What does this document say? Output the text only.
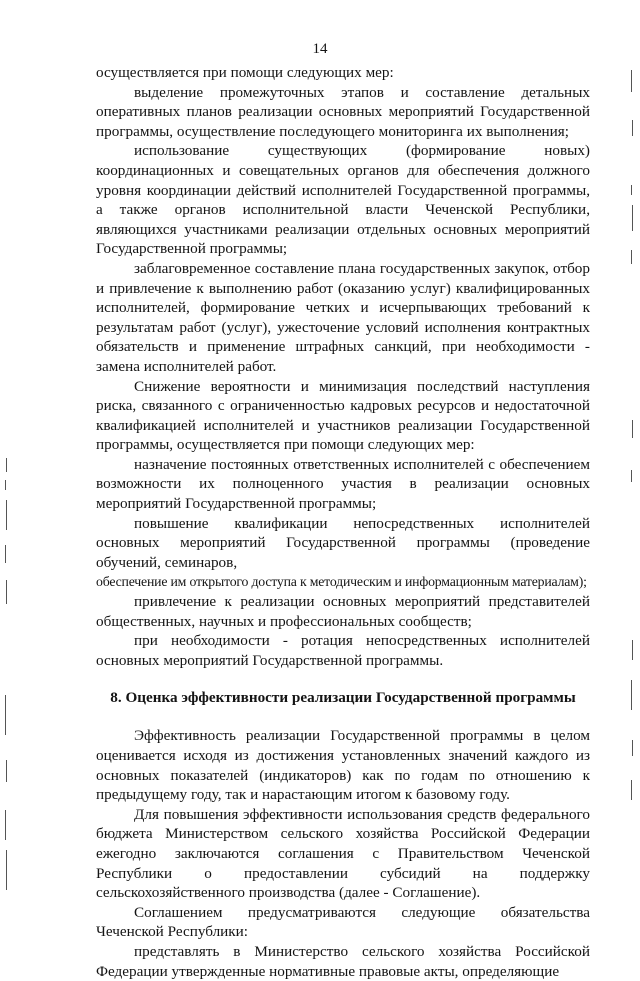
14

осуществляется при помощи следующих мер:

выделение промежуточных этапов и составление детальных оперативных планов реализации основных мероприятий Государственной программы, осуществление последующего мониторинга их выполнения;

использование существующих (формирование новых) координационных и совещательных органов для обеспечения должного уровня координации действий исполнителей Государственной программы, а также органов исполнительной власти Чеченской Республики, являющихся участниками реализации отдельных основных мероприятий Государственной программы;

заблаговременное составление плана государственных закупок, отбор и привлечение к выполнению работ (оказанию услуг) квалифицированных исполнителей, формирование четких и исчерпывающих требований к результатам работ (услуг), ужесточение условий исполнения контрактных обязательств и применение штрафных санкций, при необходимости - замена исполнителей работ.

Снижение вероятности и минимизация последствий наступления риска, связанного с ограниченностью кадровых ресурсов и недостаточной квалификацией исполнителей и участников реализации Государственной программы, осуществляется при помощи следующих мер:

назначение постоянных ответственных исполнителей с обеспечением возможности их полноценного участия в реализации основных мероприятий Государственной программы;

повышение квалификации непосредственных исполнителей основных мероприятий Государственной программы (проведение обучений, семинаров,

обеспечение им открытого доступа к методическим и информационным материалам);

привлечение к реализации основных мероприятий представителей общественных, научных и профессиональных сообществ;

при необходимости - ротация непосредственных исполнителей основных мероприятий Государственной программы.

8. Оценка эффективности реализации Государственной программы

Эффективность реализации Государственной программы в целом оценивается исходя из достижения установленных значений каждого из основных показателей (индикаторов) как по годам по отношению к предыдущему году, так и нарастающим итогом к базовому году.

Для повышения эффективности использования средств федерального бюджета Министерством сельского хозяйства Российской Федерации ежегодно заключаются соглашения с Правительством Чеченской Республики о предоставлении субсидий на поддержку сельскохозяйственного производства (далее - Соглашение).

Соглашением предусматриваются следующие обязательства Чеченской Республики:

представлять в Министерство сельского хозяйства Российской Федерации утвержденные нормативные правовые акты, определяющие
